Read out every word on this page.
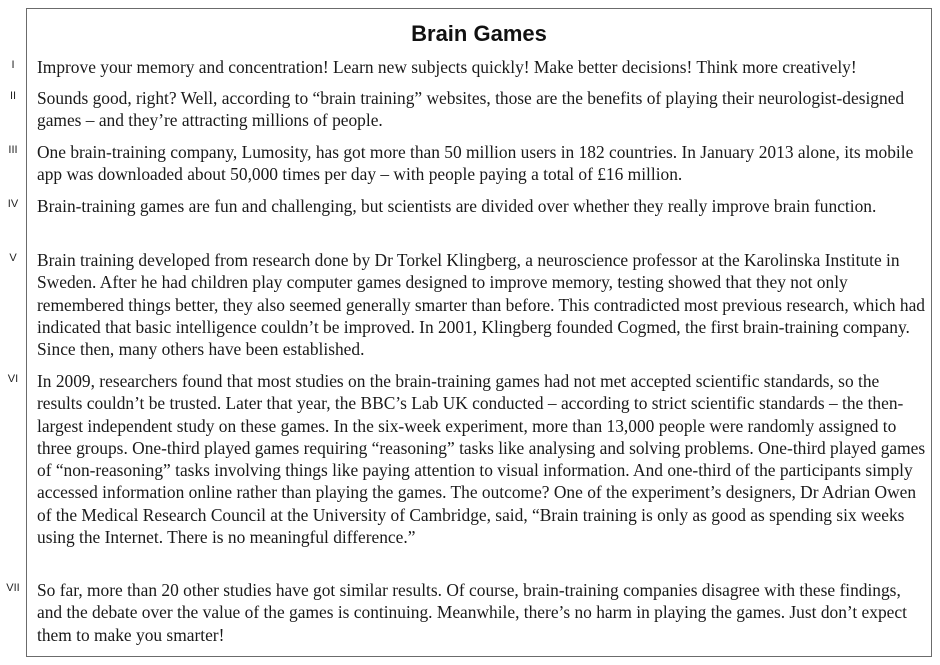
Brain Games
I	Improve your memory and concentration! Learn new subjects quickly! Make better decisions! Think more creatively!

II	Sounds good, right? Well, according to “brain training” websites, those are the benefits of playing their neurologist-designed games – and they’re attracting millions of people.

III	One brain-training company, Lumosity, has got more than 50 million users in 182 countries. In January 2013 alone, its mobile app was downloaded about 50,000 times per day – with people paying a total of £16 million.

IV	Brain-training games are fun and challenging, but scientists are divided over whether they really improve brain function.

V	Brain training developed from research done by Dr Torkel Klingberg, a neuroscience professor at the Karolinska Institute in Sweden. After he had children play computer games designed to improve memory, testing showed that they not only remembered things better, they also seemed generally smarter than before. This contradicted most previous research, which had indicated that basic intelligence couldn’t be improved. In 2001, Klingberg founded Cogmed, the first brain-training company. Since then, many others have been established.

VI	In 2009, researchers found that most studies on the brain-training games had not met accepted scientific standards, so the results couldn’t be trusted. Later that year, the BBC’s Lab UK conducted – according to strict scientific standards – the then-largest independent study on these games. In the six-week experiment, more than 13,000 people were randomly assigned to three groups. One-third played games requiring “reasoning” tasks like analysing and solving problems. One-third played games of “non-reasoning” tasks involving things like paying attention to visual information. And one-third of the participants simply accessed information online rather than playing the games. The outcome? One of the experiment’s designers, Dr Adrian Owen of the Medical Research Council at the University of Cambridge, said, “Brain training is only as good as spending six weeks using the Internet. There is no meaningful difference.”

VII So far, more than 20 other studies have got similar results. Of course, brain-training companies disagree with these findings, and the debate over the value of the games is continuing. Meanwhile, there’s no harm in playing the games. Just don’t expect them to make you smarter!
